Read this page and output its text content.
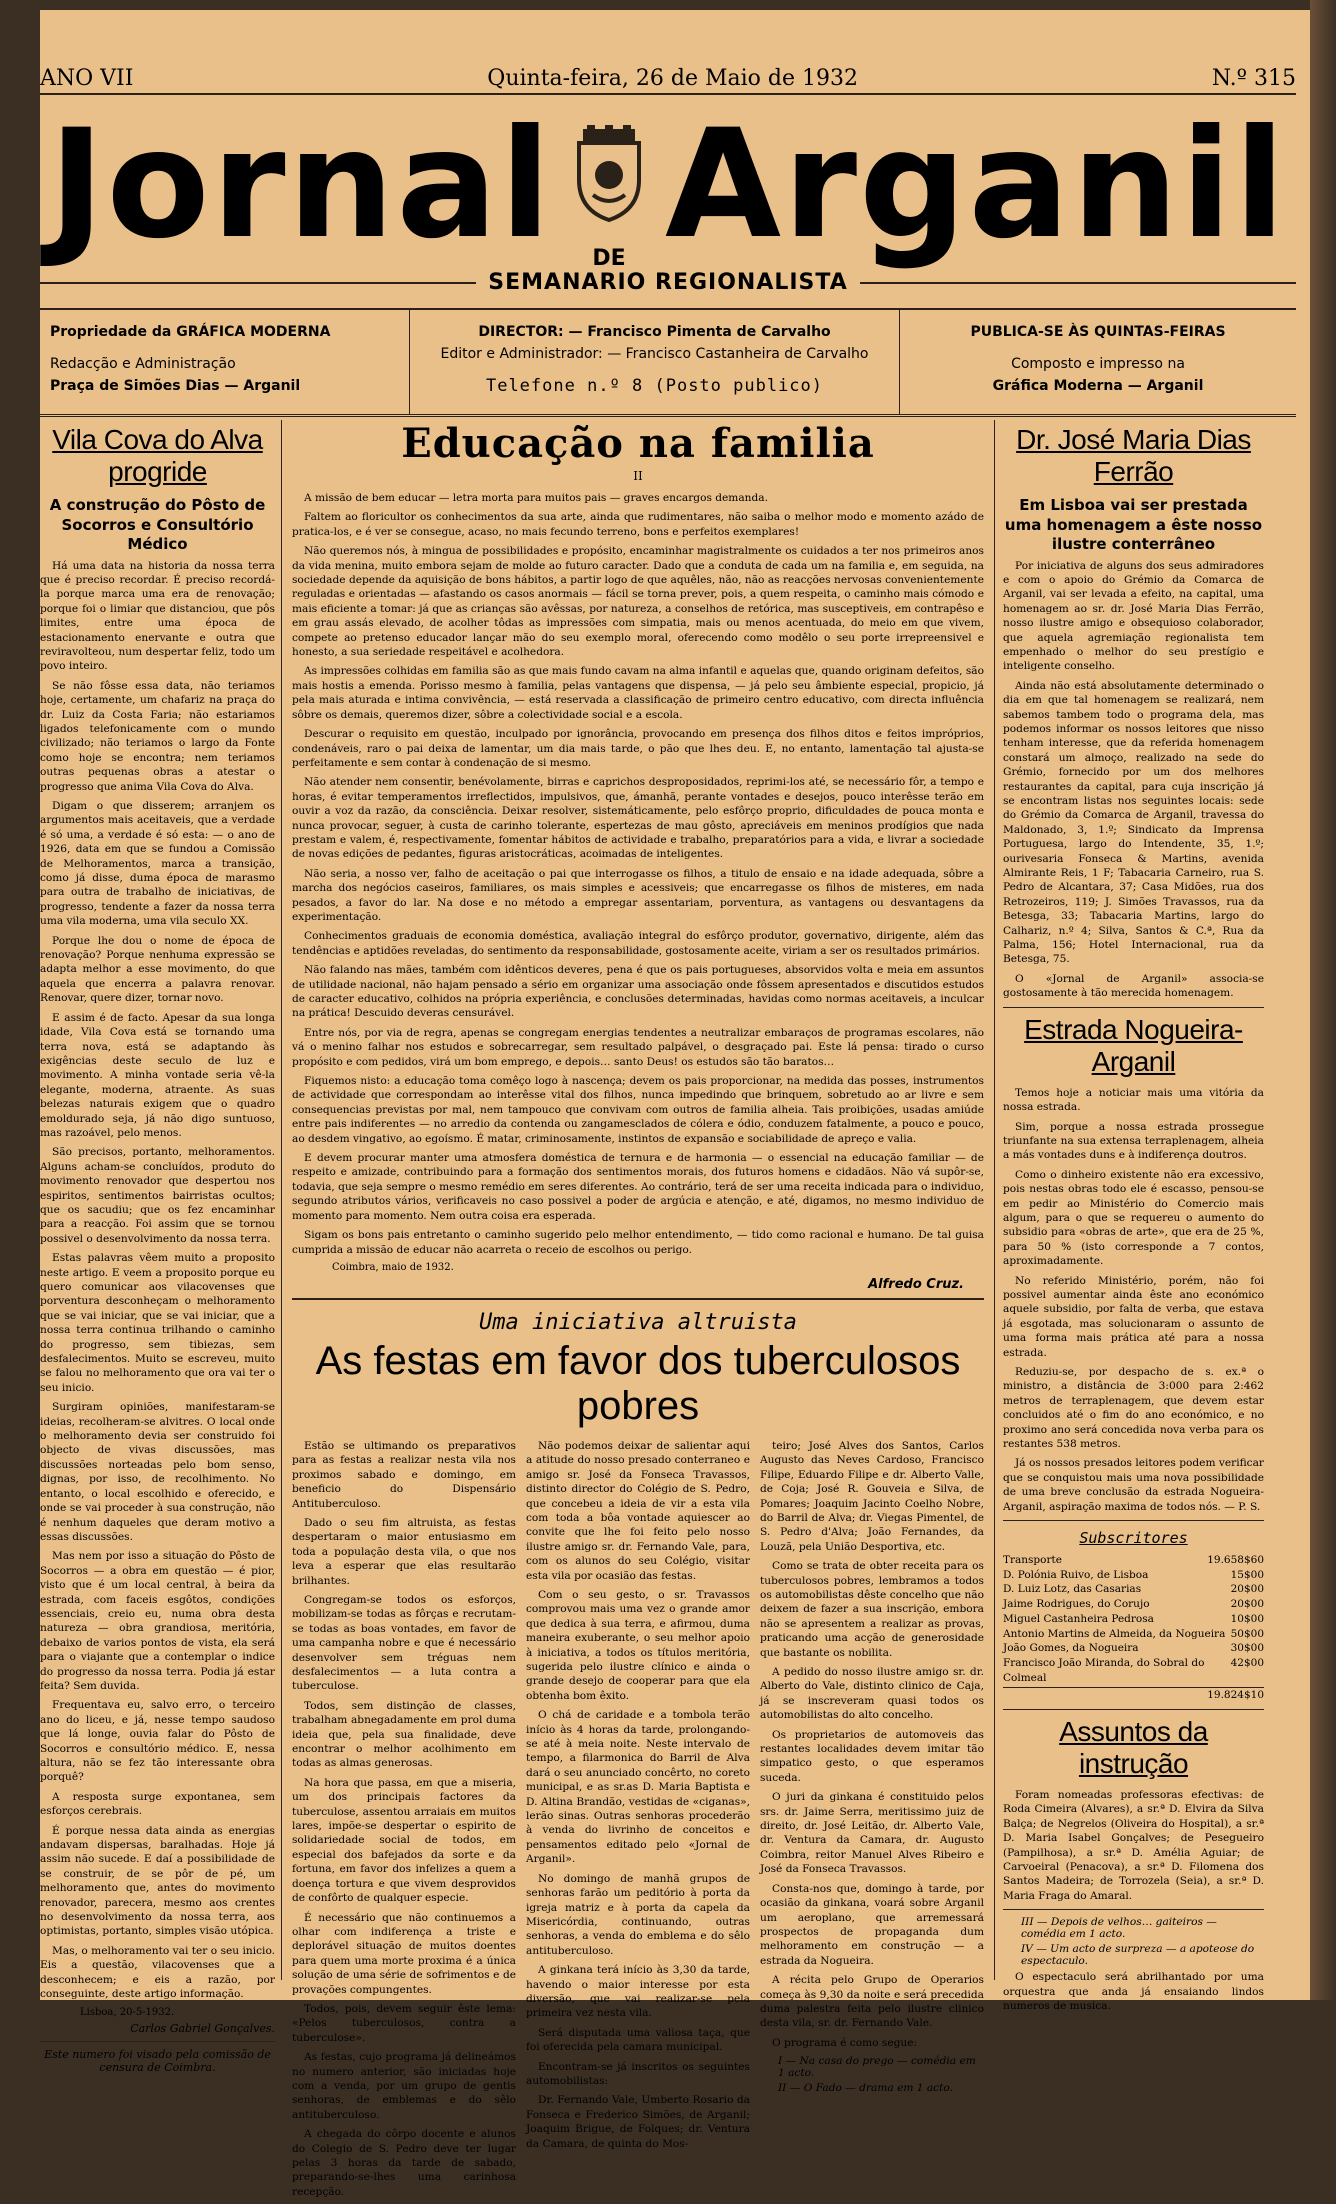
ANO VII	Quinta-feira, 26 de Maio de 1932	N.º 315
Jornal	DE Arganil
SEMANARIO REGIONALISTA
Propriedade da GRÁFICA MODERNA
Redacção e Administração
Praça de Simões Dias — Arganil
DIRECTOR: — Francisco Pimenta de Carvalho
Editor e Administrador: — Francisco Castanheira de Carvalho
Telefone n.º 8 (Posto publico)
PUBLICA-SE ÀS QUINTAS-FEIRAS
Composto e impresso na
Gráfica Moderna — Arganil
Vila Cova do Alva progride
A construção do Pôsto de Socorros e Consultório Médico

Há uma data na historia da nossa terra que é preciso recordar. É preciso recordá-la porque marca uma era de renovação; porque foi o limiar que distanciou, que pôs limites, entre uma época de estacionamento enervante e outra que reviravolteou, num despertar feliz, todo um povo inteiro.

Se não fôsse essa data, não teriamos hoje, certamente, um chafariz na praça do dr. Luiz da Costa Faria; não estariamos ligados telefonicamente com o mundo civilizado; não teriamos o largo da Fonte como hoje se encontra; nem teriamos outras pequenas obras a atestar o progresso que anima Vila Cova do Alva.

Digam o que disserem; arranjem os argumentos mais aceitaveis, que a verdade é só uma, a verdade é só esta: — o ano de 1926, data em que se fundou a Comissão de Melhoramentos, marca a transição, como já disse, duma época de marasmo para outra de trabalho de iniciativas, de progresso, tendente a fazer da nossa terra uma vila moderna, uma vila seculo XX.

Porque lhe dou o nome de época de renovação? Porque nenhuma expressão se adapta melhor a esse movimento, do que aquela que encerra a palavra renovar. Renovar, quere dizer, tornar novo.

E assim é de facto. Apesar da sua longa idade, Vila Cova está se tornando uma terra nova, está se adaptando às exigências deste seculo de luz e movimento. A minha vontade seria vê-la elegante, moderna, atraente. As suas belezas naturais exigem que o quadro emoldurado seja, já não digo suntuoso, mas razoável, pelo menos.

São precisos, portanto, melhoramentos. Alguns acham-se concluídos, produto do movimento renovador que despertou nos espiritos, sentimentos bairristas ocultos; que os sacudiu; que os fez encaminhar para a reacção. Foi assim que se tornou possivel o desenvolvimento da nossa terra.

Estas palavras vêem muito a proposito neste artigo. E veem a proposito porque eu quero comunicar aos vilacovenses que porventura desconheçam o melhoramento que se vai iniciar, que se vai iniciar, que a nossa terra continua trilhando o caminho do progresso, sem tibiezas, sem desfalecimentos. Muito se escreveu, muito se falou no melhoramento que ora vai ter o seu inicio.

Surgiram opiniões, manifestaram-se ideias, recolheram-se alvitres. O local onde o melhoramento devia ser construido foi objecto de vivas discussões, mas discussões norteadas pelo bom senso, dignas, por isso, de recolhimento. No entanto, o local escolhido e oferecido, e onde se vai proceder à sua construção, não é nenhum daqueles que deram motivo a essas discussões.

Mas nem por isso a situação do Pôsto de Socorros — a obra em questão — é pior, visto que é um local central, à beira da estrada, com faceis esgôtos, condições essenciais, creio eu, numa obra desta natureza — obra grandiosa, meritória, debaixo de varios pontos de vista, ela será para o viajante que a contemplar o indice do progresso da nossa terra. Podia já estar feita? Sem duvida.

Frequentava eu, salvo erro, o terceiro ano do liceu, e já, nesse tempo saudoso que lá longe, ouvia falar do Pôsto de Socorros e consultório médico. E, nessa altura, não se fez tão interessante obra porquê?

A resposta surge expontanea, sem esforços cerebrais.

É porque nessa data ainda as energias andavam dispersas, baralhadas. Hoje já assim não sucede. E daí a possibilidade de se construir, de se pôr de pé, um melhoramento que, antes do movimento renovador, parecera, mesmo aos crentes no desenvolvimento da nossa terra, aos optimistas, portanto, simples visão utópica.

Mas, o melhoramento vai ter o seu inicio. Eis a questão, vilacovenses que a desconhecem; e eis a razão, por conseguinte, deste artigo informação.

Lisboa, 20-5-1932.
Carlos Gabriel Gonçalves.
Este numero foi visado pela comissão de censura de Coimbra.
Educação na familia
II

A missão de bem educar — letra morta para muitos pais — graves encargos demanda.

Faltem ao floricultor os conhecimentos da sua arte, ainda que rudimentares, não saiba o melhor modo e momento azádo de pratica-los, e é ver se consegue, acaso, no mais fecundo terreno, bons e perfeitos exemplares!

Não queremos nós, à mingua de possibilidades e propósito, encaminhar magistralmente os cuidados a ter nos primeiros anos da vida menina, muito embora sejam de molde ao futuro caracter. Dado que a conduta de cada um na familia e, em seguida, na sociedade depende da aquisição de bons hábitos, a partir logo de que aquêles, não, não as reacções nervosas convenientemente reguladas e orientadas — afastando os casos anormais — fácil se torna prever, pois, a quem respeita, o caminho mais cómodo e mais eficiente a tomar: já que as crianças são avêssas, por natureza, a conselhos de retórica, mas susceptiveis, em contrapêso e em grau assás elevado, de acolher tôdas as impressões com simpatia, mais ou menos acentuada, do meio em que vivem, compete ao pretenso educador lançar mão do seu exemplo moral, oferecendo como modêlo o seu porte irrepreensivel e honesto, a sua seriedade respeitável e acolhedora.

As impressões colhidas em familia são as que mais fundo cavam na alma infantil e aquelas que, quando originam defeitos, são mais hostis a emenda. Porisso mesmo à familia, pelas vantagens que dispensa, — já pelo seu âmbiente especial, propicio, já pela mais aturada e intima convivência, — está reservada a classificação de primeiro centro educativo, com directa influência sôbre os demais, queremos dizer, sôbre a colectividade social e a escola.

Descurar o requisito em questão, inculpado por ignorância, provocando em presença dos filhos ditos e feitos impróprios, condenáveis, raro o pai deixa de lamentar, um dia mais tarde, o pão que lhes deu. E, no entanto, lamentação tal ajusta-se perfeitamente e sem contar à condenação de si mesmo.

Não atender nem consentir, benévolamente, birras e caprichos desproposidados, reprimi-los até, se necessário fôr, a tempo e horas, é evitar temperamentos irreflectidos, impulsivos, que, ámanhã, perante vontades e desejos, pouco interêsse terão em ouvir a voz da razão, da consciência. Deixar resolver, sistemáticamente, pelo esfôrço proprio, dificuldades de pouca monta e nunca provocar, seguer, à custa de carinho tolerante, espertezas de mau gôsto, apreciáveis em meninos prodígios que nada prestam e valem, é, respectivamente, fomentar hábitos de actividade e trabalho, preparatórios para a vida, e livrar a sociedade de novas edições de pedantes, figuras aristocráticas, acoimadas de inteligentes.

Não seria, a nosso ver, falho de aceitação o pai que interrogasse os filhos, a titulo de ensaio e na idade adequada, sôbre a marcha dos negócios caseiros, familiares, os mais simples e acessiveis; que encarregasse os filhos de misteres, em nada pesados, a favor do lar. Na dose e no método a empregar assentariam, porventura, as vantagens ou desvantagens da experimentação.

Conhecimentos graduais de economia doméstica, avaliação integral do esfôrço produtor, governativo, dirigente, além das tendências e aptidões reveladas, do sentimento da responsabilidade, gostosamente aceite, viriam a ser os resultados primários.

Não falando nas mães, também com idênticos deveres, pena é que os pais portugueses, absorvidos volta e meia em assuntos de utilidade nacional, não hajam pensado a sério em organizar uma associação onde fôssem apresentados e discutidos estudos de caracter educativo, colhidos na própria experiência, e conclusões determinadas, havidas como normas aceitaveis, a inculcar na prática! Descuido deveras censurável.

Entre nós, por via de regra, apenas se congregam energias tendentes a neutralizar embaraços de programas escolares, não vá o menino falhar nos estudos e sobrecarregar, sem resultado palpável, o desgraçado pai. Este lá pensa: tirado o curso propósito e com pedidos, virá um bom emprego, e depois… santo Deus! os estudos são tão baratos…

Fiquemos nisto: a educação toma comêço logo à nascença; devem os pais proporcionar, na medida das posses, instrumentos de actividade que correspondam ao interêsse vital dos filhos, nunca impedindo que brinquem, sobretudo ao ar livre e sem consequencias previstas por mal, nem tampouco que convivam com outros de familia alheia. Tais proibições, usadas amiúde entre pais indiferentes — no arredio da contenda ou zangamesclados de cólera e ódio, conduzem fatalmente, a pouco e pouco, ao desdem vingativo, ao egoísmo. É matar, criminosamente, instintos de expansão e sociabilidade de apreço e valia.

E devem procurar manter uma atmosfera doméstica de ternura e de harmonia — o essencial na educação familiar — de respeito e amizade, contribuindo para a formação dos sentimentos morais, dos futuros homens e cidadãos. Não vá supôr-se, todavia, que seja sempre o mesmo remédio em seres diferentes. Ao contrário, terá de ser uma receita indicada para o individuo, segundo atributos vários, verificaveis no caso possivel a poder de argúcia e atenção, e até, digamos, no mesmo individuo de momento para momento. Nem outra coisa era esperada.

Sigam os bons pais entretanto o caminho sugerido pelo melhor entendimento, — tido como racional e humano. De tal guisa cumprida a missão de educar não acarreta o receio de escolhos ou perigo.

Coimbra, maio de 1932.
Alfredo Cruz.
Uma iniciativa altruista
As festas em favor dos tuberculosos pobres

Estão se ultimando os preparativos para as festas a realizar nesta vila nos proximos sabado e domingo, em beneficio do Dispensário Antituberculoso.

Dado o seu fim altruista, as festas despertaram o maior entusiasmo em toda a população desta vila, o que nos leva a esperar que elas resultarão brilhantes.

Congregam-se todos os esforços, mobilizam-se todas as fôrças e recrutam-se todas as boas vontades, em favor de uma campanha nobre e que é necessário desenvolver sem tréguas nem desfalecimentos — a luta contra a tuberculose.

Todos, sem distinção de classes, trabalham abnegadamente em prol duma ideia que, pela sua finalidade, deve encontrar o melhor acolhimento em todas as almas generosas.

Na hora que passa, em que a miseria, um dos principais factores da tuberculose, assentou arraiais em muitos lares, impõe-se despertar o espirito de solidariedade social de todos, em especial dos bafejados da sorte e da fortuna, em favor dos infelizes a quem a doença tortura e que vivem desprovidos de confôrto de qualquer especie.

É necessário que não continuemos a olhar com indiferença a triste e deplorável situação de muitos doentes para quem uma morte proxima é a única solução de uma série de sofrimentos e de provações compungentes.

Todos, pois, devem seguir êste lema: «Pelos tuberculosos, contra a tuberculose».

As festas, cujo programa já delineámos no numero anterior, são iniciadas hoje com a venda, por um grupo de gentis senhoras, de emblemas e do sêlo antituberculoso.

A chegada do côrpo docente e alunos do Colegio de S. Pedro deve ter lugar pelas 3 horas da tarde de sabado, preparando-se-lhes uma carinhosa recepção.

Não podemos deixar de salientar aqui a atitude do nosso presado conterraneo e amigo sr. José da Fonseca Travassos, distinto director do Colégio de S. Pedro, que concebeu a ideia de vir a esta vila com toda a bôa vontade aquiescer ao convite que lhe foi feito pelo nosso ilustre amigo sr. dr. Fernando Vale, para, com os alunos do seu Colégio, visitar esta vila por ocasião das festas.

Com o seu gesto, o sr. Travassos comprovou mais uma vez o grande amor que dedica à sua terra, e afirmou, duma maneira exuberante, o seu melhor apoio à iniciativa, a todos os títulos meritória, sugerida pelo ilustre clínico e ainda o grande desejo de cooperar para que ela obtenha bom êxito.

O chá de caridade e a tombola terão início às 4 horas da tarde, prolongando-se até à meia noite. Neste intervalo de tempo, a filarmonica do Barril de Alva dará o seu anunciado concêrto, no coreto municipal, e as sr.as D. Maria Baptista e D. Altina Brandão, vestidas de «ciganas», lerão sinas. Outras senhoras procederão à venda do livrinho de conceitos e pensamentos editado pelo «Jornal de Arganil».

No domingo de manhã grupos de senhoras farão um peditório à porta da igreja matriz e à porta da capela da Misericórdia, continuando, outras senhoras, a venda do emblema e do sêlo antituberculoso.

A ginkana terá início às 3,30 da tarde, havendo o maior interesse por esta diversão, que vai realizar-se pela primeira vez nesta vila.

Será disputada uma valiosa taça, que foi oferecida pela camara municipal.

Encontram-se já inscritos os seguintes automobilistas:

Dr. Fernando Vale, Umberto Rosario da Fonseca e Frederico Simões, de Arganil; Joaquim Brigue, de Folques; dr. Ventura da Camara, de quinta do Mos-

teiro; José Alves dos Santos, Carlos Augusto das Neves Cardoso, Francisco Filipe, Eduardo Filipe e dr. Alberto Valle, de Coja; José R. Gouveia e Silva, de Pomares; Joaquim Jacinto Coelho Nobre, do Barril de Alva; dr. Viegas Pimentel, de S. Pedro d'Alva; João Fernandes, da Louzã, pela União Desportiva, etc.

Como se trata de obter receita para os tuberculosos pobres, lembramos a todos os automobilistas dêste concelho que não deixem de fazer a sua inscrição, embora não se apresentem a realizar as provas, praticando uma acção de generosidade que bastante os nobilita.

A pedido do nosso ilustre amigo sr. dr. Alberto do Vale, distinto clinico de Caja, já se inscreveram quasi todos os automobilistas do alto concelho.

Os proprietarios de automoveis das restantes localidades devem imitar tão simpatico gesto, o que esperamos suceda.

O juri da ginkana é constituido pelos srs. dr. Jaime Serra, meritissimo juiz de direito, dr. José Leitão, dr. Alberto Vale, dr. Ventura da Camara, dr. Augusto Coimbra, reitor Manuel Alves Ribeiro e José da Fonseca Travassos.

Consta-nos que, domingo à tarde, por ocasião da ginkana, voará sobre Arganil um aeroplano, que arremessará prospectos de propaganda dum melhoramento em construção — a estrada da Nogueira.

A récita pelo Grupo de Operarios começa às 9,30 da noite e será precedida duma palestra feita pelo ilustre clinico desta vila, sr. dr. Fernando Vale.

O programa é como segue:

I — Na casa do prego — comédia em 1 acto.
II — O Fado — drama em 1 acto.
Dr. José Maria Dias Ferrão
Em Lisboa vai ser prestada uma homenagem a êste nosso ilustre conterrâneo

Por iniciativa de alguns dos seus admiradores e com o apoio do Grémio da Comarca de Arganil, vai ser levada a efeito, na capital, uma homenagem ao sr. dr. José Maria Dias Ferrão, nosso ilustre amigo e obsequioso colaborador, que aquela agremiação regionalista tem empenhado o melhor do seu prestígio e inteligente conselho.

Ainda não está absolutamente determinado o dia em que tal homenagem se realizará, nem sabemos tambem todo o programa dela, mas podemos informar os nossos leitores que nisso tenham interesse, que da referida homenagem constará um almoço, realizado na sede do Grémio, fornecido por um dos melhores restaurantes da capital, para cuja inscrição já se encontram listas nos seguintes locais: sede do Grémio da Comarca de Arganil, travessa do Maldonado, 3, 1.º; Sindicato da Imprensa Portuguesa, largo do Intendente, 35, 1.º; ourivesaria Fonseca & Martins, avenida Almirante Reis, 1 F; Tabacaria Carneiro, rua S. Pedro de Alcantara, 37; Casa Midões, rua dos Retrozeiros, 119; J. Simões Travassos, rua da Betesga, 33; Tabacaria Martins, largo do Calhariz, n.º 4; Silva, Santos & C.ª, Rua da Palma, 156; Hotel Internacional, rua da Betesga, 75.

O «Jornal de Arganil» associa-se gostosamente à tão merecida homenagem.

Estrada Nogueira-Arganil

Temos hoje a noticiar mais uma vitória da nossa estrada.

Sim, porque a nossa estrada prossegue triunfante na sua extensa terraplenagem, alheia a más vontades duns e à indiferença doutros.

Como o dinheiro existente não era excessivo, pois nestas obras todo ele é escasso, pensou-se em pedir ao Ministério do Comercio mais algum, para o que se requereu o aumento do subsidio para «obras de arte», que era de 25 %, para 50 % (isto corresponde a 7 contos, aproximadamente.

No referido Ministério, porém, não foi possivel aumentar ainda êste ano económico aquele subsidio, por falta de verba, que estava já esgotada, mas solucionaram o assunto de uma forma mais prática até para a nossa estrada.

Reduziu-se, por despacho de s. ex.ª o ministro, a distância de 3:000 para 2:462 metros de terraplenagem, que devem estar concluidos até o fim do ano económico, e no proximo ano será concedida nova verba para os restantes 538 metros.

Já os nossos presados leitores podem verificar que se conquistou mais uma nova possibilidade de uma breve conclusão da estrada Nogueira-Arganil, aspiração maxima de todos nós. — P. S.

Subscritores
Transporte	19.658$60
D. Polónia Ruivo, de Lisboa	15$00
D. Luiz Lotz, das Casarias	20$00
Jaime Rodrigues, do Corujo	20$00
Miguel Castanheira Pedrosa	10$00
Antonio Martins de Almeida, da Nogueira 50$00
João Gomes, da Nogueira	30$00
Francisco João Miranda, do Sobral do Colmeal
42$00
19.824$10
Assuntos da instrução

Foram nomeadas professoras efectivas: de Roda Cimeira (Alvares), a sr.ª D. Elvira da Silva Balça; de Negrelos (Oliveira do Hospital), a sr.ª D. Maria Isabel Gonçalves; de Pesegueiro (Pampilhosa), a sr.ª D. Amélia Aguiar; de Carvoeiral (Penacova), a sr.ª D. Filomena dos Santos Madeira; de Torrozela (Seia), a sr.ª D. Maria Fraga do Amaral.

III — Depois de velhos… gaiteiros — comédia em 1 acto.
IV — Um acto de surpreza — a apoteose do espectaculo.
O espectaculo será abrilhantado por uma orquestra que anda já ensaiando lindos numeros de musica.
